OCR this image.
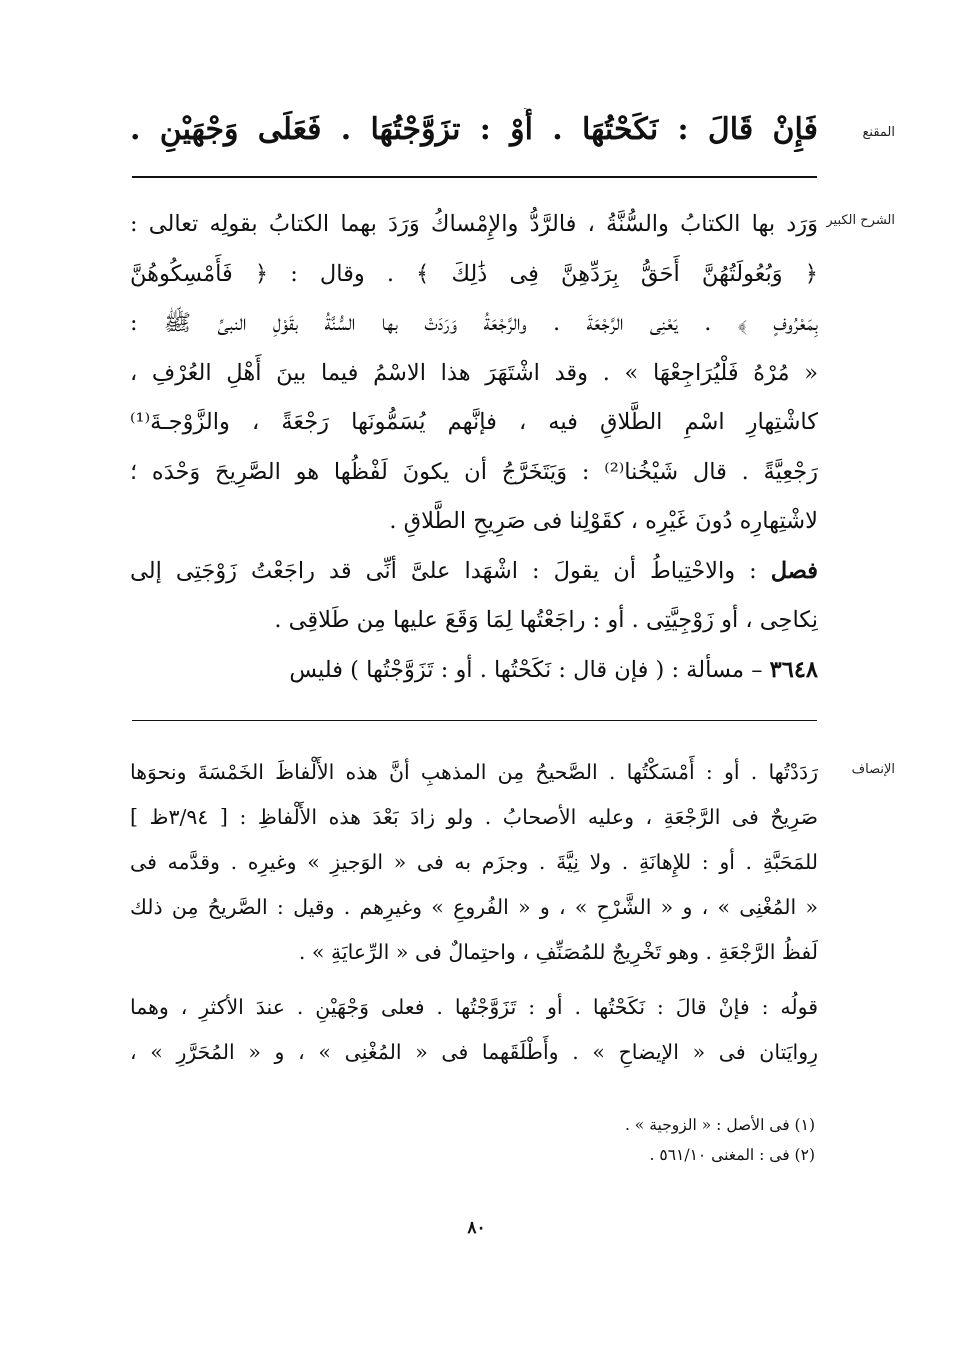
المقنع
فَإِنْ قَالَ : نَكَحْتُهَا . أَوْ : تزَوَّجْتُهَا . فَعَلَى وَجْهَيْنِ .
الشرح الكبير
وَرَد بها الكتابُ والسُّنَّةُ ، فالرَّدُّ والإِمْساكُ وَرَدَ بهما الكتابُ بقولِه تعالى :
﴿ وَبُعُولَتُهُنَّ أَحَقُّ بِرَدِّهِنَّ فِى ذَٰلِكَ ﴾ . وقال : ﴿ فَأَمْسِكُوهُنَّ
بِمَعْرُوفٍ ﴾ . يَعْنِى الرَّجْعَةَ . والرَّجْعَةُ وَرَدَتْ بها السُّنَّةُ بقَوْلِ النبىِّ ﷺ :
« مُرْهُ فَلْيُرَاجِعْهَا » . وقد اشْتَهَرَ هذا الاسْمُ فيما بينَ أَهْلِ العُرْفِ ،
كاشْتِهارِ اسْمِ الطَّلاقِ فيه ، فإنَّهم يُسَمُّونَها رَجْعَةً ، والزَّوْجـةَ⁽¹⁾
رَجْعِيَّةً . قال شَيْخُنا⁽²⁾ : وَيَتَخَرَّجُ أن يكونَ لَفْظُها هو الصَّرِيحَ وَحْدَه ؛
لاشْتِهارِه دُونَ غَيْرِه ، كقَوْلِنا فى صَرِيحِ الطَّلاقِ .
فصل : والاحْتِياطُ أن يقولَ : اشْهَدا علىَّ أنِّى قد راجَعْتُ زَوْجَتِى إلى
نِكاحِى ، أو زَوْجِيَّتِى . أو : راجَعْتُها لِمَا وَقَعَ عليها مِن طَلاقِى .
٣٦٤٨ – مسألة : ( فإن قال : نَكَحْتُها . أو : تَزَوَّجْتُها ) فليس
الإنصاف
رَدَدْتُها . أو : أَمْسَكْتُها . الصَّحيحُ مِن المذهبِ أنَّ هذه الأَلْفاظَ الخَمْسَةَ ونحوَها
صَرِيحٌ فى الرَّجْعَةِ ، وعليه الأصحابُ . ولو زادَ بَعْدَ هذه الأَلْفاظِ : [ ٣/٩٤ظ ]
للمَحَبَّةِ . أو : للإِهانَةِ . ولا نِيَّةَ . وجزَم به فى « الوَجيزِ » وغيرِه . وقدَّمه فى
« المُغْنِى » ، و « الشَّرْحِ » ، و « الفُروعِ » وغيرِهم . وقيل : الصَّريحُ مِن ذلك
لَفظُ الرَّجْعَةِ . وهو تَخْرِيجٌ للمُصَنِّفِ ، واحتِمالٌ فى « الرِّعايَةِ » .
قولُه : فإنْ قالَ : نَكَحْتُها . أو : تَزَوَّجْتُها . فعلى وَجْهَيْنِ . عندَ الأكثرِ ، وهما
رِوايَتان فى « الإيضاحِ » . وأَطْلَقَهما فى « المُغْنِى » ، و « المُحَرَّرِ » ،
(١) فى الأصل : « الزوجية » .
(٢) فى : المغنى ٥٦١/١٠ .
٨٠
